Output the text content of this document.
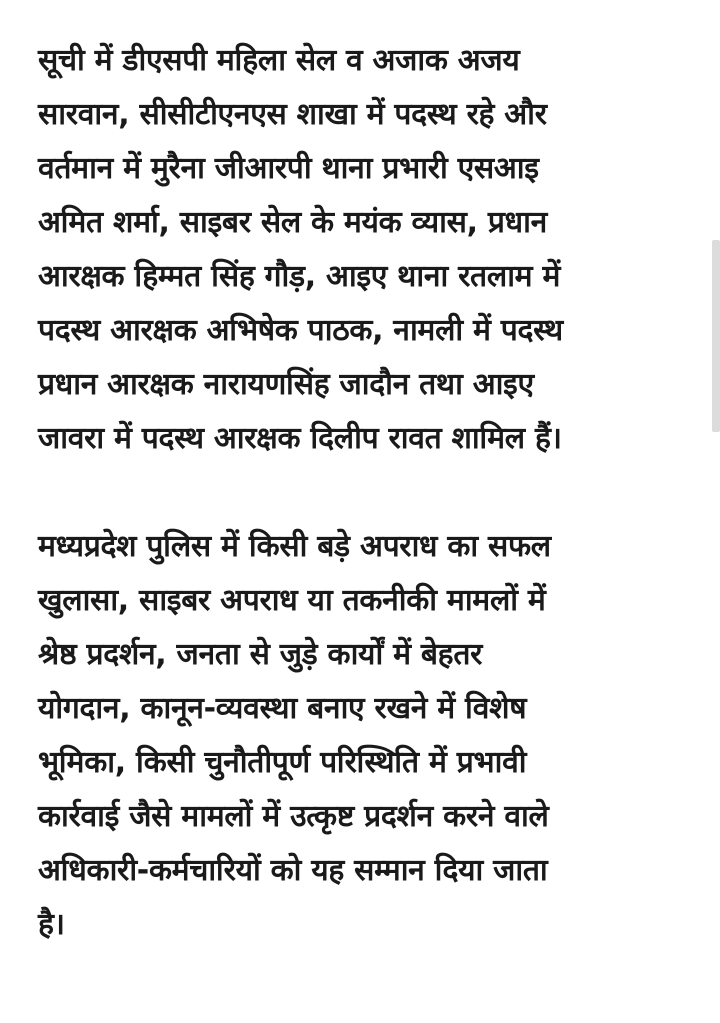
सूची में डीएसपी महिला सेल व अजाक अजय
सारवान, सीसीटीएनएस शाखा में पदस्थ रहे और
वर्तमान में मुरैना जीआरपी थाना प्रभारी एसआइ
अमित शर्मा, साइबर सेल के मयंक व्यास, प्रधान
आरक्षक हिम्मत सिंह गौड़, आइए थाना रतलाम में
पदस्थ आरक्षक अभिषेक पाठक, नामली में पदस्थ
प्रधान आरक्षक नारायणसिंह जादौन तथा आइए
जावरा में पदस्थ आरक्षक दिलीप रावत शामिल हैं।

मध्यप्रदेश पुलिस में किसी बड़े अपराध का सफल
खुलासा, साइबर अपराध या तकनीकी मामलों में
श्रेष्ठ प्रदर्शन, जनता से जुड़े कार्यों में बेहतर
योगदान, कानून-व्यवस्था बनाए रखने में विशेष
भूमिका, किसी चुनौतीपूर्ण परिस्थिति में प्रभावी
कार्रवाई जैसे मामलों में उत्कृष्ट प्रदर्शन करने वाले
अधिकारी-कर्मचारियों को यह सम्मान दिया जाता
है।
